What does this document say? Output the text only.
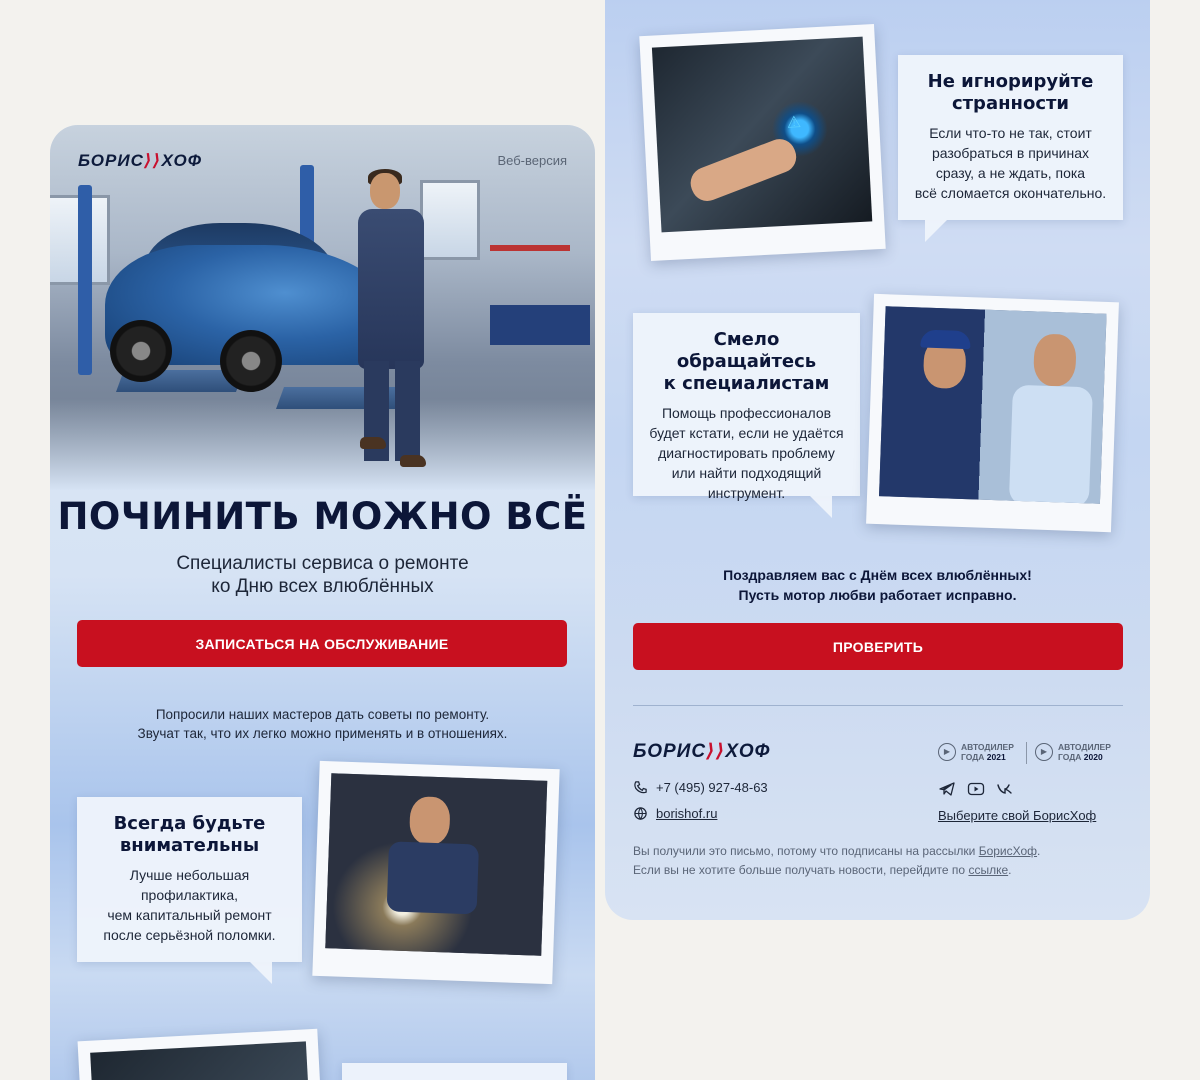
БОРИС⟩⟩ХОФ	Веб-версия
ПОЧИНИТЬ МОЖНО ВСЁ
Специалисты сервиса о ремонте
ко Дню всех влюблённых
ЗАПИСАТЬСЯ НА ОБСЛУЖИВАНИЕ
Попросили наших мастеров дать советы по ремонту.
Звучат так, что их легко можно применять и в отношениях.
Всегда будьте
внимательны

Лучше небольшая
профилактика,
чем капитальный ремонт
после серьёзной поломки.

⚠
Не игнорируйте
странности

Если что-то не так, стоит
разобраться в причинах
сразу, а не ждать, пока
всё сломается окончательно.

Смело обращайтесь
к специалистам

Помощь профессионалов
будет кстати, если не удаётся
диагностировать проблему
или найти подходящий
инструмент.

Поздравляем вас с Днём всех влюблённых!
Пусть мотор любви работает исправно.
ПРОВЕРИТЬ
БОРИС⟩⟩ХОФ	▶	АВТОДИЛЕР
ГОДА 2021
▶	АВТОДИЛЕР
ГОДА 2020
+7 (495) 927-48-63
borishof.ru	Выберите свой БорисХоф
Вы получили это письмо, потому что подписаны на рассылки БорисХоф.
Если вы не хотите больше получать новости, перейдите по ссылке.
